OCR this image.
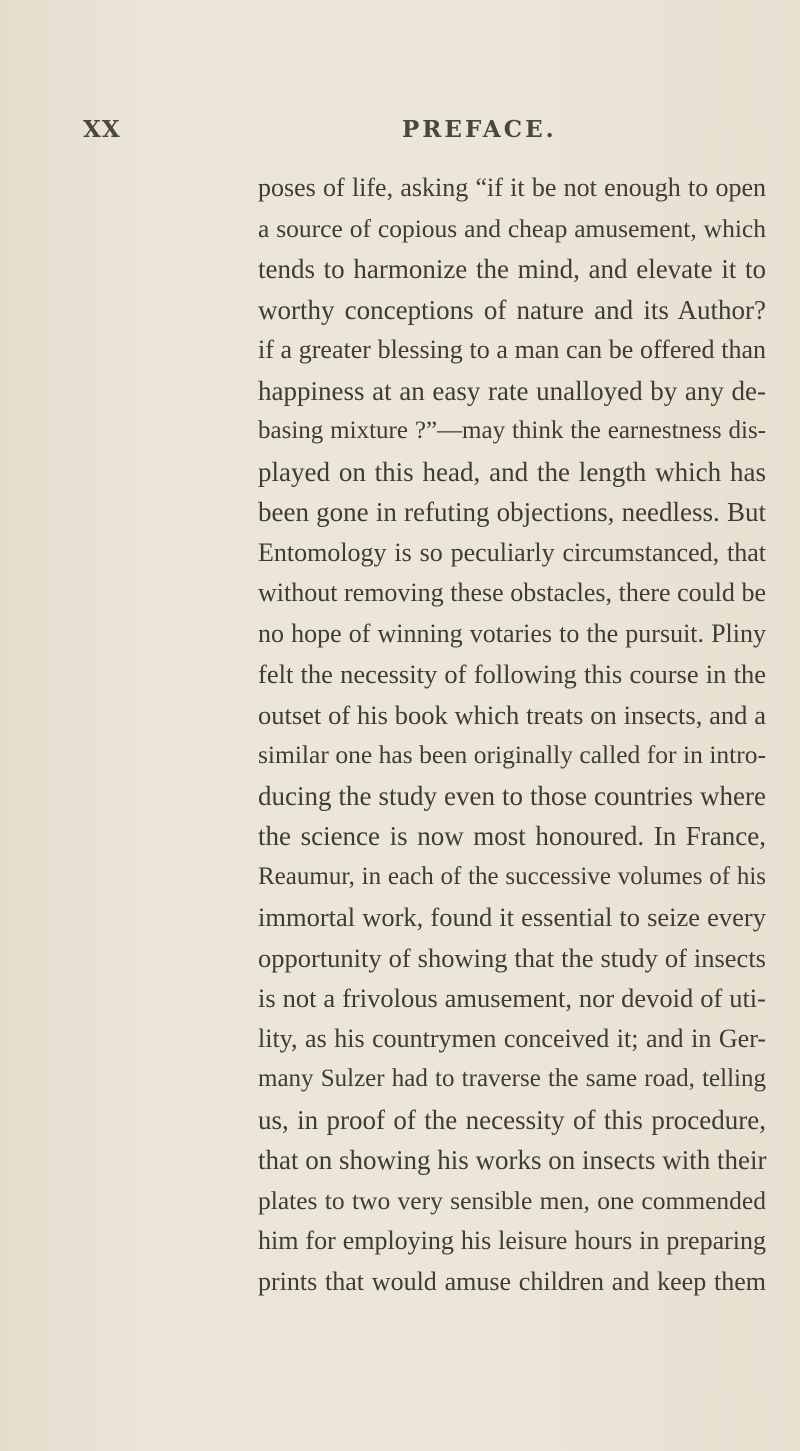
XX	PREFACE.
poses of life, asking “if it be not enough to open
a source of copious and cheap amusement, which
tends to harmonize the mind, and elevate it to
worthy conceptions of nature and its Author?
if a greater blessing to a man can be offered than
happiness at an easy rate unalloyed by any de-
basing mixture ?”—may think the earnestness dis-
played on this head, and the length which has
been gone in refuting objections, needless. But
Entomology is so peculiarly circumstanced, that
without removing these obstacles, there could be
no hope of winning votaries to the pursuit. Pliny
felt the necessity of following this course in the
outset of his book which treats on insects, and a
similar one has been originally called for in intro-
ducing the study even to those countries where
the science is now most honoured. In France,
Reaumur, in each of the successive volumes of his
immortal work, found it essential to seize every
opportunity of showing that the study of insects
is not a frivolous amusement, nor devoid of uti-
lity, as his countrymen conceived it; and in Ger-
many Sulzer had to traverse the same road, telling
us, in proof of the necessity of this procedure,
that on showing his works on insects with their
plates to two very sensible men, one commended
him for employing his leisure hours in preparing
prints that would amuse children and keep them
